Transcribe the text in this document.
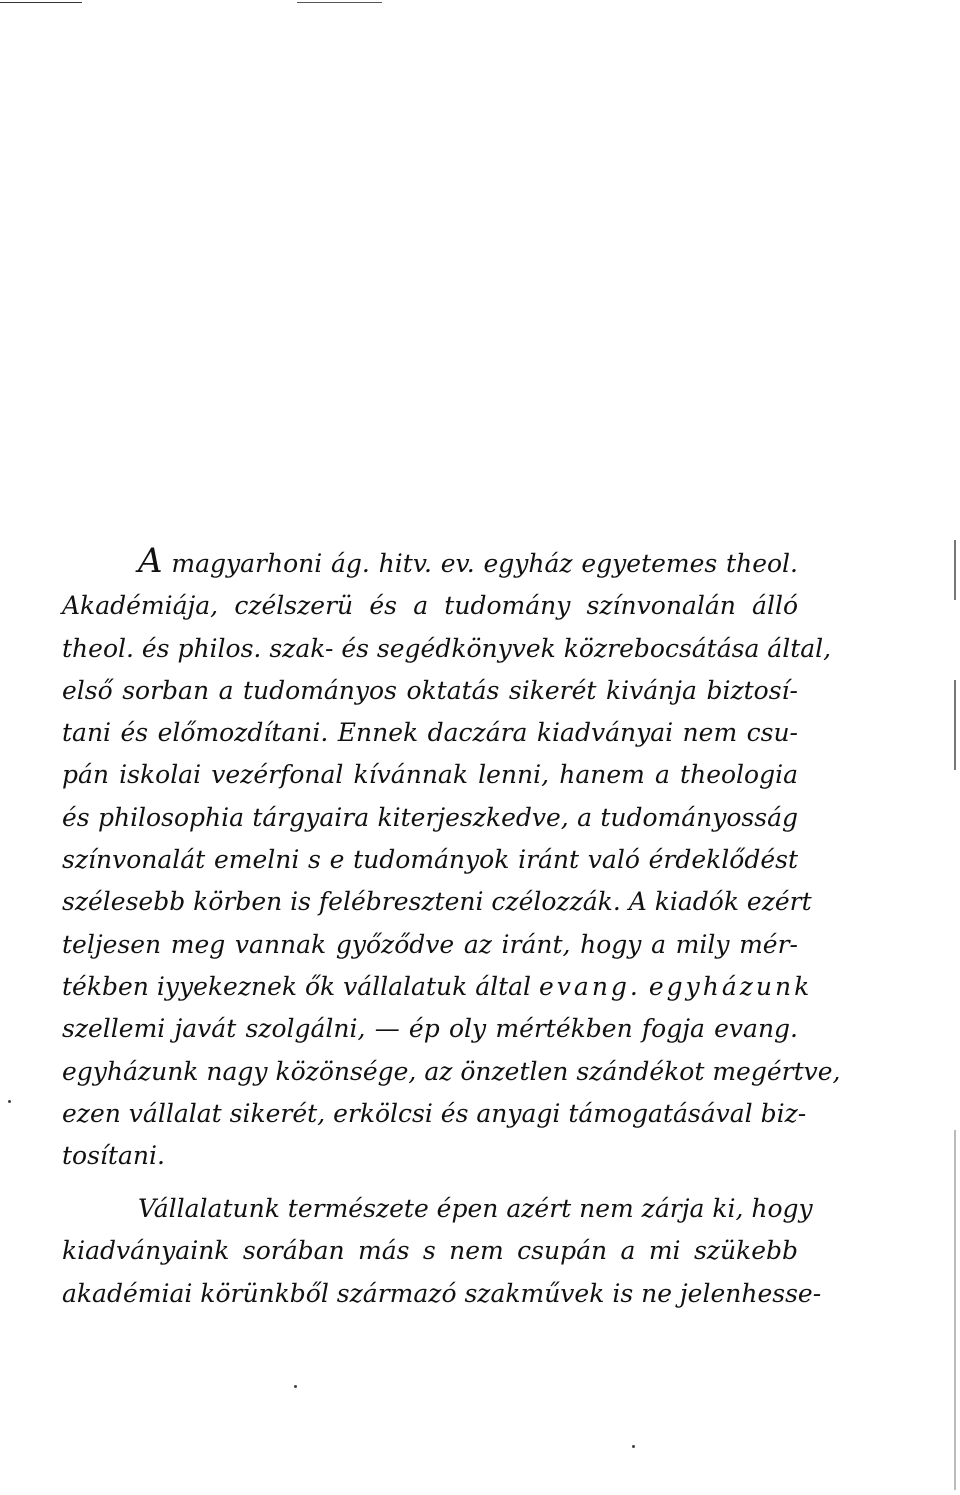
A magyarhoni ág. hitv. ev. egyház egyetemes theol.
Akadémiája, czélszerü és a tudomány színvonalán álló
theol. és philos. szak- és segédkönyvek közrebocsátása által,
első sorban a tudományos oktatás sikerét kivánja biztosí-
tani és előmozdítani. Ennek daczára kiadványai nem csu-
pán iskolai vezérfonal kívánnak lenni, hanem a theologia
és philosophia tárgyaira kiterjeszkedve, a tudományosság
színvonalát emelni s e tudományok iránt való érdeklődést
szélesebb körben is felébreszteni czélozzák. A kiadók ezért
teljesen meg vannak győződve az iránt, hogy a mily mér-
tékben iyyekeznek ők vállalatuk által evang. egyházunk
szellemi javát szolgálni, — ép oly mértékben fogja evang.
egyházunk nagy közönsége, az önzetlen szándékot megértve,
ezen vállalat sikerét, erkölcsi és anyagi támogatásával biz-
tosítani.
Vállalatunk természete épen azért nem zárja ki, hogy
kiadványaink sorában más s nem csupán a mi szükebb
akadémiai körünkből származó szakművek is ne jelenhesse-
